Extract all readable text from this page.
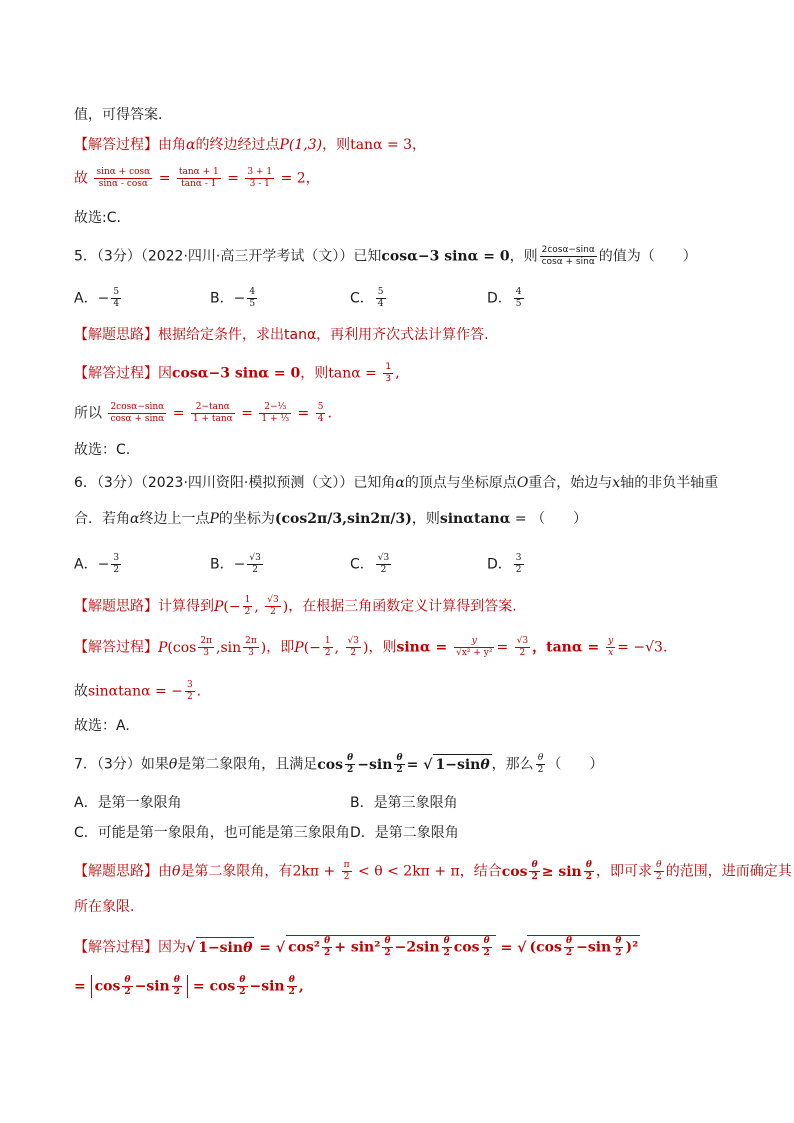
值，可得答案.
【解答过程】由角α的终边经过点P(1,3)，则tanα = 3，
故 $\frac{\sin\alpha + \cos\alpha}{\sin\alpha - \cos\alpha} = \frac{\tan\alpha + 1}{\tan\alpha - 1} = \frac{3 + 1}{3 - 1} = 2$，
故选:C.
5．（3分）（2022·四川·高三开学考试（文））已知cosα−3 sinα = 0，则 $\frac{2\cos\alpha-\sin\alpha}{\cos\alpha + \sin\alpha}$ 的值为（　　）
A．− $\frac{5}{4}$	B．− $\frac{4}{5}$	C． $\frac{5}{4}$	D． $\frac{4}{5}$
【解题思路】根据给定条件，求出tanα，再利用齐次式法计算作答.
【解答过程】因cosα−3 sinα = 0，则$\tan\alpha = \frac{1}{3}$ ,
所以 $\frac{2\cos\alpha-\sin\alpha}{\cos\alpha + \sin\alpha} = \frac{2-\tan\alpha}{1 + \tan\alpha} = \frac{\text{2−⅓}}{\text{1 + ⅓}} = \frac{5}{4}$ .
故选：C.
6．（3分）（2023·四川资阳·模拟预测（文））已知角α的顶点与坐标原点O重合，始边与x轴的非负半轴重
合．若角α终边上一点P的坐标为(cos2π/3,sin2π/3)，则sinαtanα = （　　）
A．− $\frac{3}{2}$	B．− $\frac{√3}{2}$	C． $\frac{√3}{2}$	D． $\frac{3}{2}$
【解题思路】计算得到$P(- \frac{1}{2}$ , $\frac{√3}{2}$ )，在根据三角函数定义计算得到答案.
【解答过程】$P(\cos \frac{2\pi}{3} ,\sin \frac{2\pi}{3}$ )，即$P(- \frac{1}{2}$ , $\frac{√3}{2}$ )，则$\sin\alpha = \frac{y}{\text{√x² + y²}} = \frac{√3}{2}$ ，$\tan\alpha = \frac{y}{x} = -√3$.
故sinαtanα = − $\frac{3}{2}$ .
故选：A.
7．（3分）如果θ是第二象限角，且满足$\cos \frac{\theta}{2} -\sin \frac{\theta}{2}$ = √ 1−sinθ ，那么 $\frac{\theta}{2}$ （　　）
A．是第一象限角	B．是第三象限角
C．可能是第一象限角，也可能是第三象限角 D．是第二象限角
【解题思路】由θ是第二象限角，有$2k\pi + \frac{\pi}{2} < \theta < 2k\pi + \pi$，结合$\cos \frac{\theta}{2} \ge \sin \frac{\theta}{2}$ ，即可求 $\frac{\theta}{2}$ 的范围，进而确定其
所在象限.
【解答过程】因为√ 1−sinθ = √ $\cos^2 \frac{\theta}{2} + \sin^2 \frac{\theta}{2} -2\sin \frac{\theta}{2}$ $\cos \frac{\theta}{2}$ = √ $(\cos \frac{\theta}{2} -\sin \frac{\theta}{2} )^2$
= $\cos \frac{\theta}{2} -\sin \frac{\theta}{2} = \cos \frac{\theta}{2} -\sin \frac{\theta}{2}$ ,
